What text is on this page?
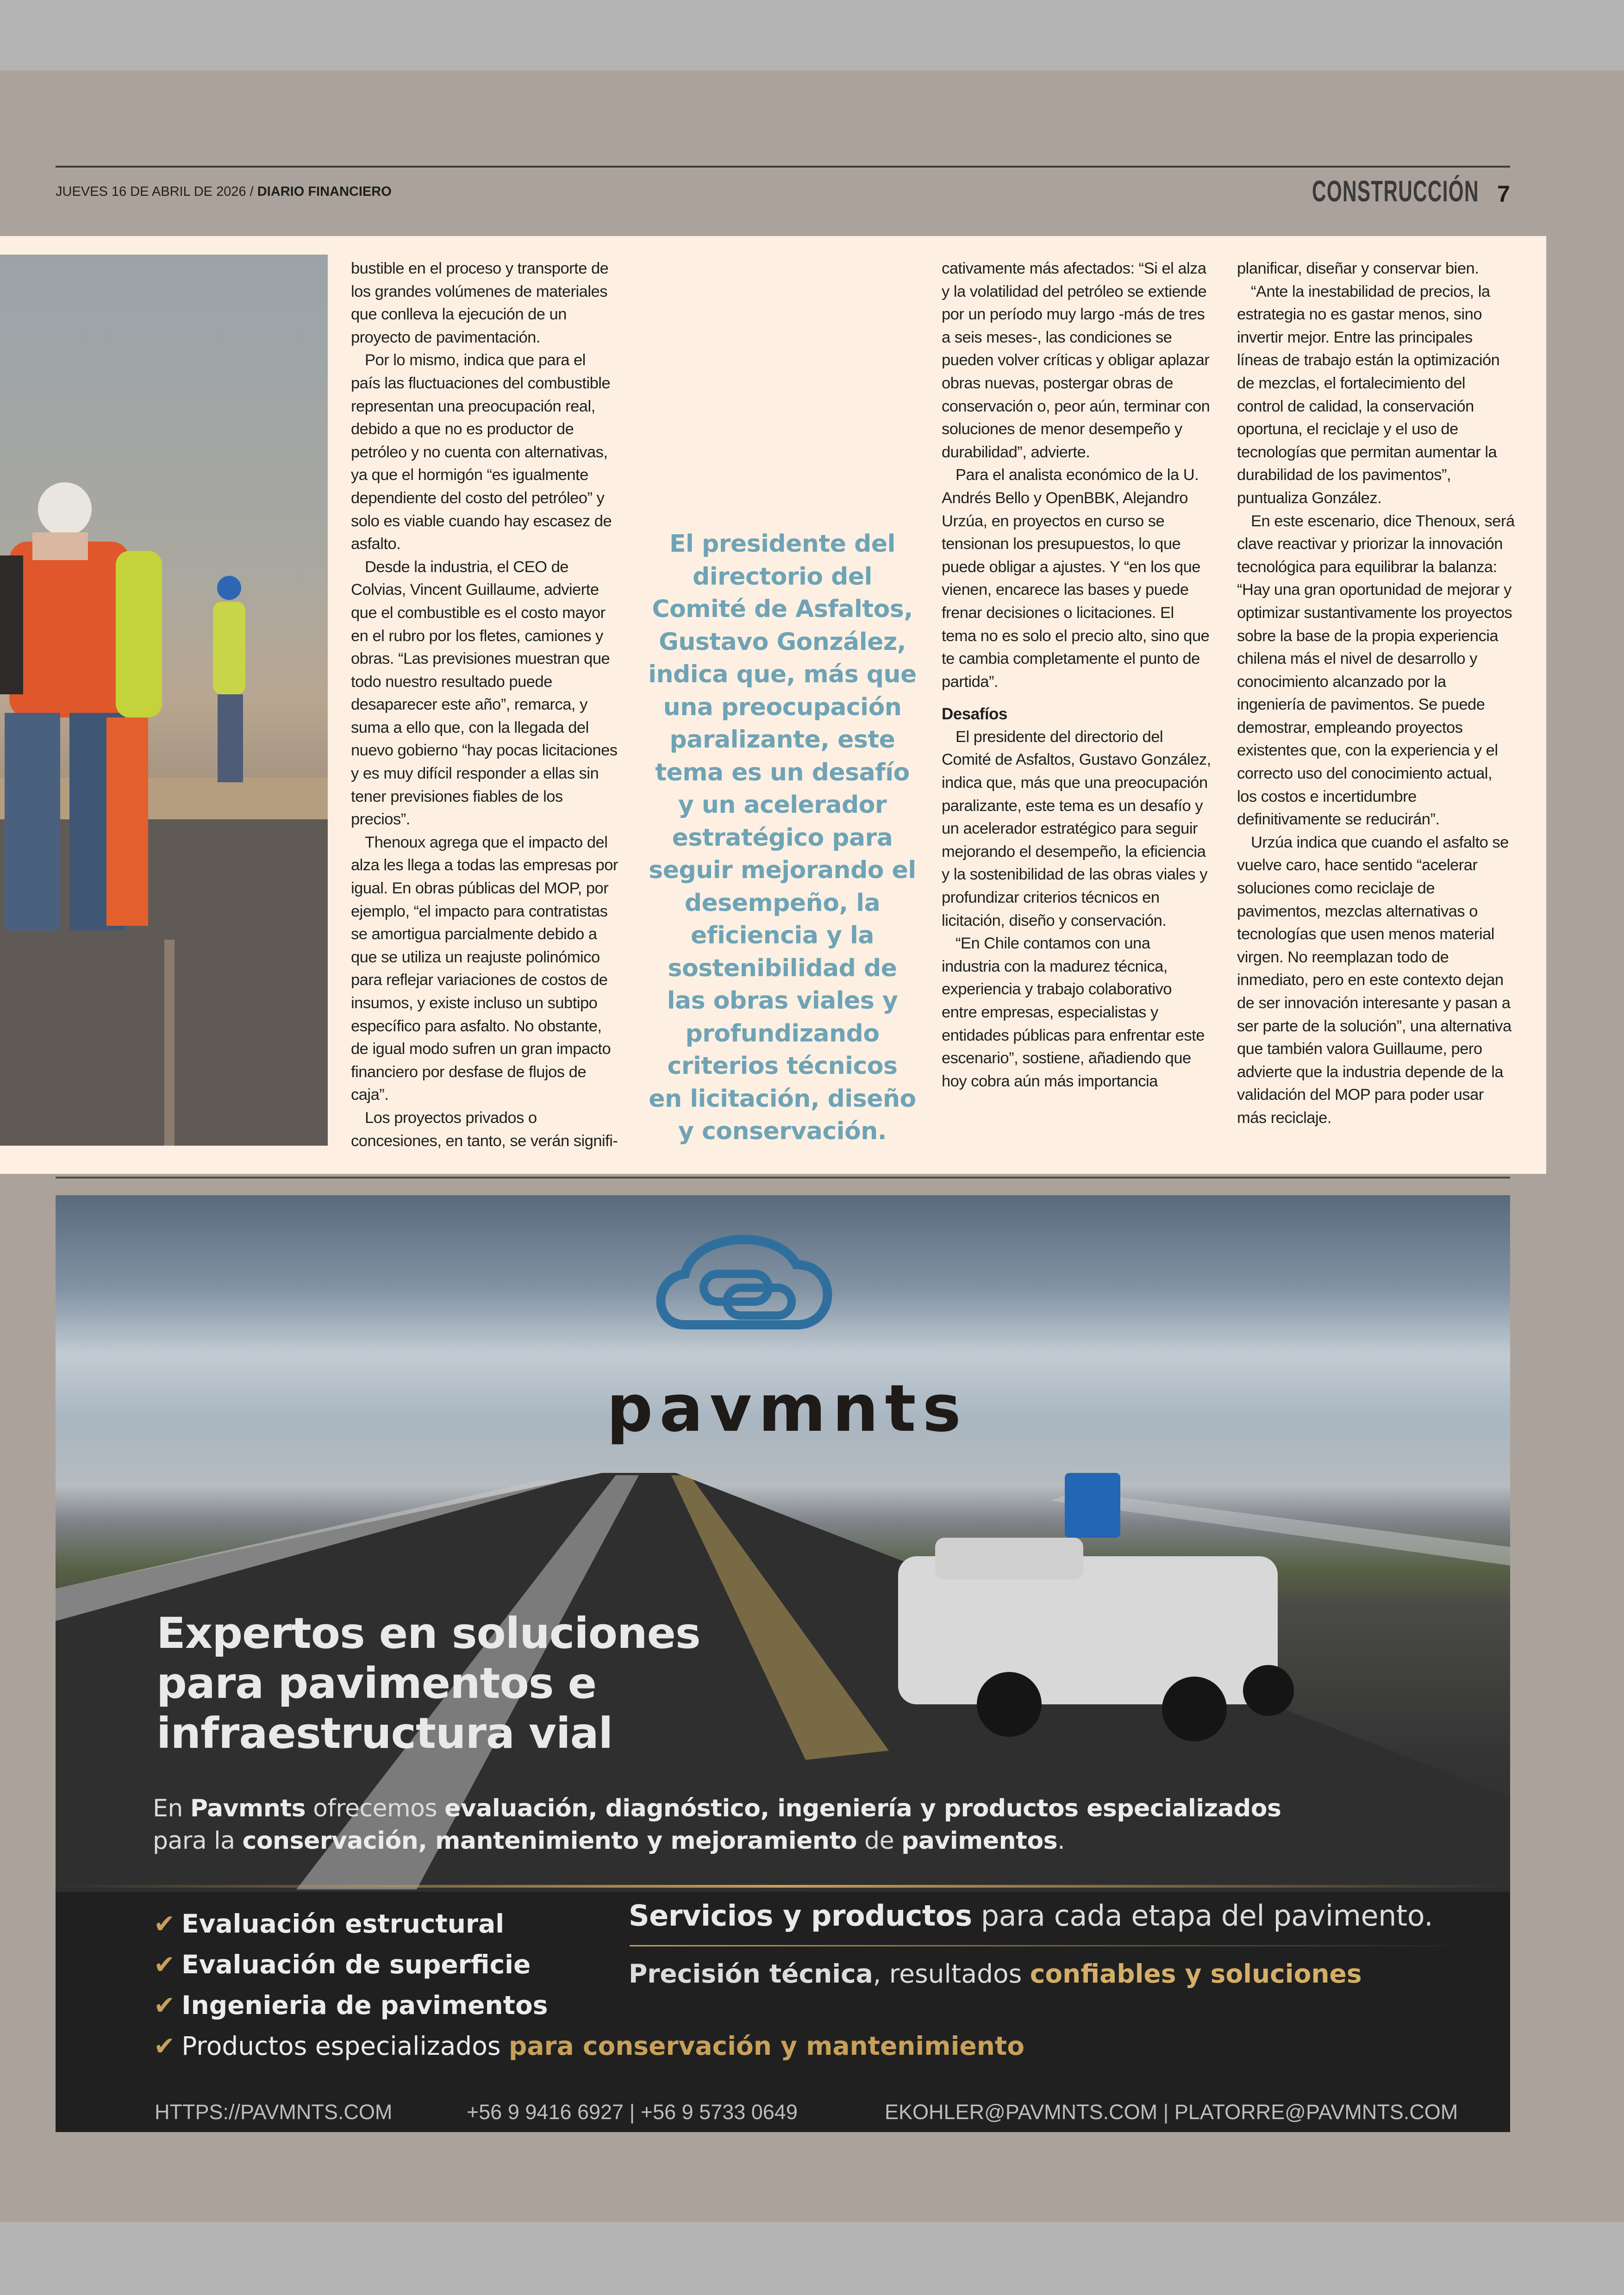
JUEVES 16 DE ABRIL DE 2026 / DIARIO FINANCIERO	CONSTRUCCIÓN 7

bustible en el proceso y transporte de los grandes volúmenes de materiales que conlleva la ejecución de un proyecto de pavimentación.

Por lo mismo, indica que para el país las fluctuaciones del combustible representan una preocupación real, debido a que no es productor de petróleo y no cuenta con alternativas, ya que el hormigón “es igualmente dependiente del costo del petróleo” y solo es viable cuando hay escasez de asfalto.

Desde la industria, el CEO de Colvias, Vincent Guillaume, advierte que el combustible es el costo mayor en el rubro por los fletes, camiones y obras. “Las previsiones muestran que todo nuestro resultado puede desaparecer este año”, remarca, y suma a ello que, con la llegada del nuevo gobierno “hay pocas licitaciones y es muy difícil responder a ellas sin tener previsiones fiables de los precios”.

Thenoux agrega que el impacto del alza les llega a todas las empresas por igual. En obras públicas del MOP, por ejemplo, “el impacto para contratistas se amortigua parcialmente debido a que se utiliza un reajuste polinómico para reflejar variaciones de costos de insumos, y existe incluso un subtipo específico para asfalto. No obstante, de igual modo sufren un gran impacto financiero por desfase de flujos de caja”.

Los proyectos privados o concesiones, en tanto, se verán signifi-

El presidente del directorio del Comité de Asfaltos, Gustavo González, indica que, más que una preocupación paralizante, este tema es un desafío y un acelerador estratégico para seguir mejorando el desempeño, la eficiencia y la sostenibilidad de las obras viales y profundizando criterios técnicos en licitación, diseño y conservación.

cativamente más afectados: “Si el alza y la volatilidad del petróleo se extiende por un período muy largo -más de tres a seis meses-, las condiciones se pueden volver críticas y obligar aplazar obras nuevas, postergar obras de conservación o, peor aún, terminar con soluciones de menor desempeño y durabilidad”, advierte.

Para el analista económico de la U. Andrés Bello y OpenBBK, Alejandro Urzúa, en proyectos en curso se tensionan los presupuestos, lo que puede obligar a ajustes. Y “en los que vienen, encarece las bases y puede frenar decisiones o licitaciones. El tema no es solo el precio alto, sino que te cambia completamente el punto de partida”.

Desafíos

El presidente del directorio del Comité de Asfaltos, Gustavo González, indica que, más que una preocupación paralizante, este tema es un desafío y un acelerador estratégico para seguir mejorando el desempeño, la eficiencia y la sostenibilidad de las obras viales y profundizar criterios técnicos en licitación, diseño y conservación.

“En Chile contamos con una industria con la madurez técnica, experiencia y trabajo colaborativo entre empresas, especialistas y entidades públicas para enfrentar este escenario”, sostiene, añadiendo que hoy cobra aún más importancia

planificar, diseñar y conservar bien.

“Ante la inestabilidad de precios, la estrategia no es gastar menos, sino invertir mejor. Entre las principales líneas de trabajo están la optimización de mezclas, el fortalecimiento del control de calidad, la conservación oportuna, el reciclaje y el uso de tecnologías que permitan aumentar la durabilidad de los pavimentos”, puntualiza González.

En este escenario, dice Thenoux, será clave reactivar y priorizar la innovación tecnológica para equilibrar la balanza: “Hay una gran oportunidad de mejorar y optimizar sustantivamente los proyectos sobre la base de la propia experiencia chilena más el nivel de desarrollo y conocimiento alcanzado por la ingeniería de pavimentos. Se puede demostrar, empleando proyectos existentes que, con la experiencia y el correcto uso del conocimiento actual, los costos e incertidumbre definitivamente se reducirán”.

Urzúa indica que cuando el asfalto se vuelve caro, hace sentido “acelerar soluciones como reciclaje de pavimentos, mezclas alternativas o tecnologías que usen menos material virgen. No reemplazan todo de inmediato, pero en este contexto dejan de ser innovación interesante y pasan a ser parte de la solución”, una alternativa que también valora Guillaume, pero advierte que la industria depende de la validación del MOP para poder usar más reciclaje.

pavmnts
Expertos en soluciones
para pavimentos e
infraestructura vial
En Pavmnts ofrecemos evaluación, diagnóstico, ingeniería y productos especializados
para la conservación, mantenimiento y mejoramiento de pavimentos.
✔ Evaluación estructural
✔ Evaluación de superficie
✔ Ingenieria de pavimentos
✔ Productos especializados para conservación y mantenimiento
Servicios y productos para cada etapa del pavimento.
Precisión técnica, resultados confiables y soluciones
HTTPS://PAVMNTS.COM	+56 9 9416 6927 | +56 9 5733 0649	EKOHLER@PAVMNTS.COM | PLATORRE@PAVMNTS.COM
